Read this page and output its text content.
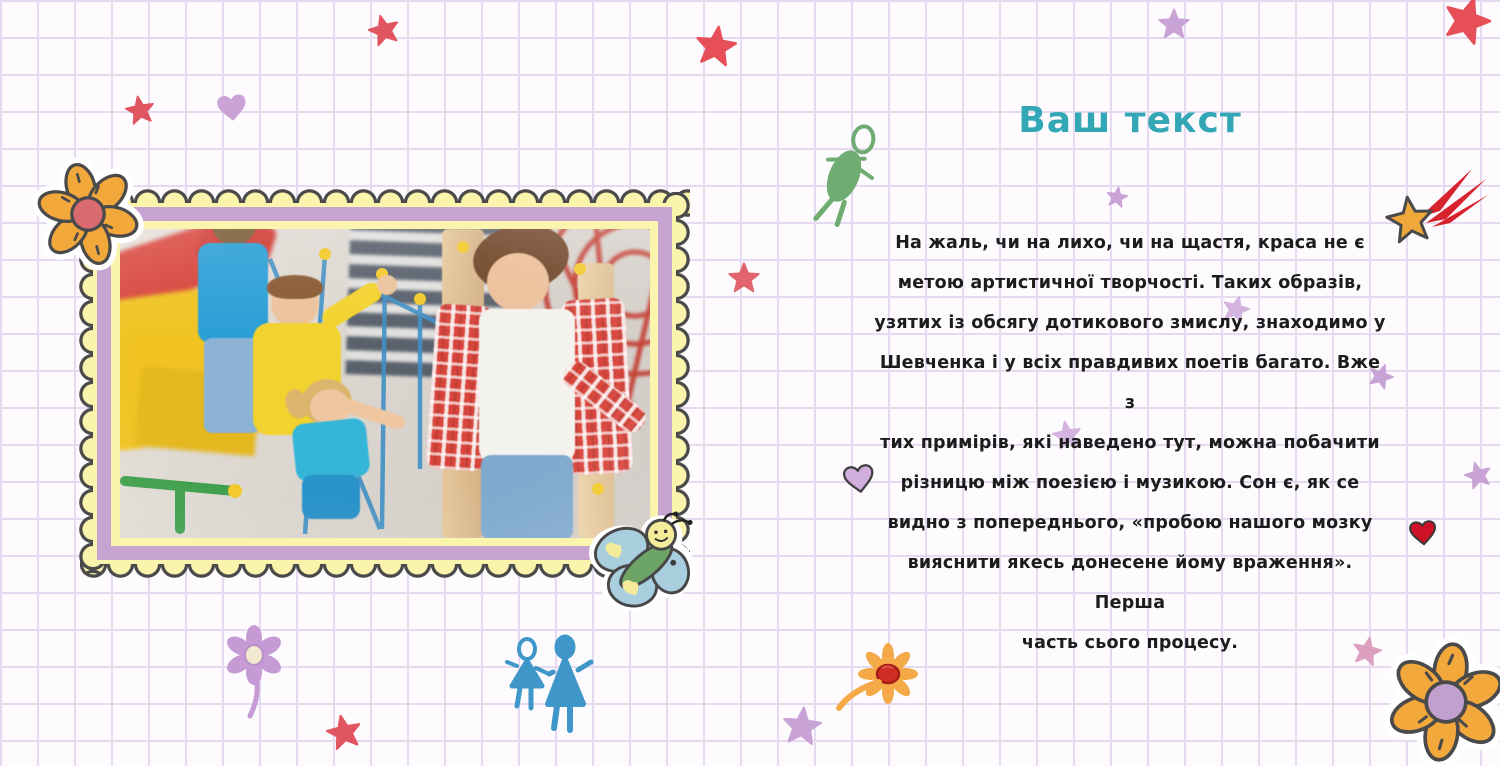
Ваш текст
На жаль, чи на лихо, чи на щастя, краса не є
метою артистичної творчості. Таких образів,
узятих із обсягу дотикового змислу, знаходимо у
Шевченка і у всіх правдивих поетів багато. Вже з
тих примірів, які наведено тут, можна побачити
різницю між поезією і музикою. Сон є, як се
видно з попереднього, «пробою нашого мозку
вияснити якесь донесене йому враження». Перша
часть сього процесу.
